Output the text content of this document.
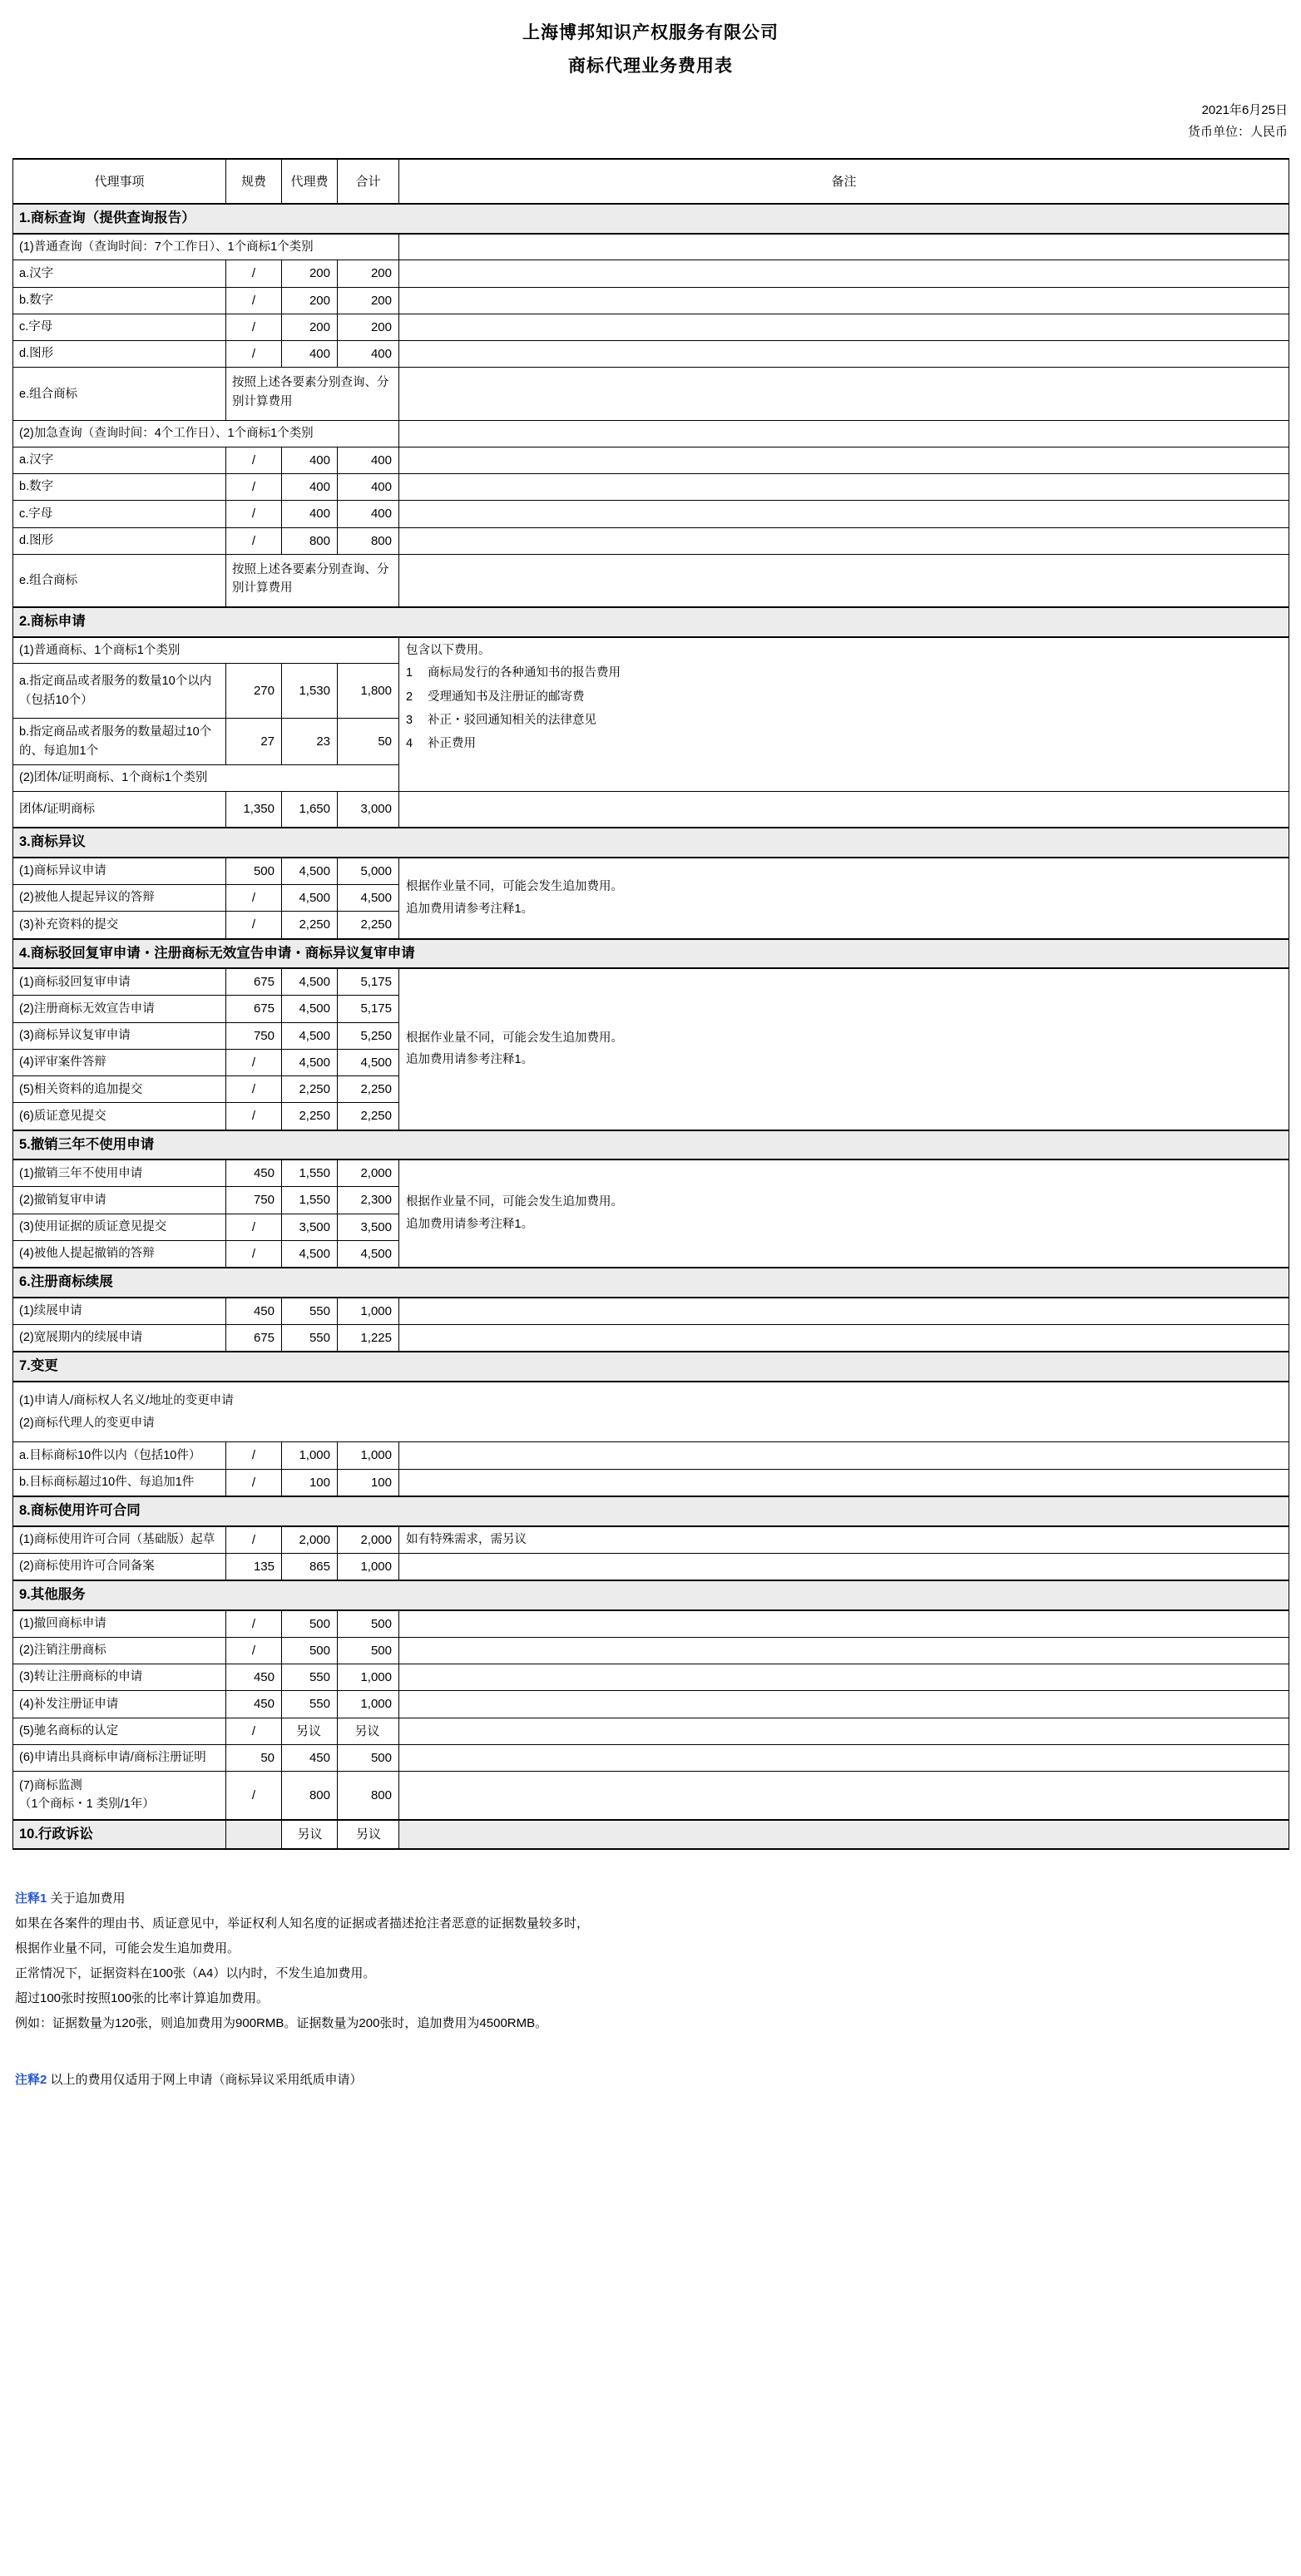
上海博邦知识产权服务有限公司
商标代理业务费用表
2021年6月25日
货币单位：人民币
代理事项	规费	代理费	合计	备注
1.商标查询（提供查询报告）				
(1)普通查询（查询时间：7个工作日）、1个商标1个类别				
a.汉字	/	200	200	
b.数字	/	200	200	
c.字母	/	200	200	
d.图形	/	400	400	
e.组合商标	按照上述各要素分别查询、分别计算费用			
(2)加急查询（查询时间：4个工作日）、1个商标1个类别				
a.汉字	/	400	400	
b.数字	/	400	400	
c.字母	/	400	400	
d.图形	/	800	800	
e.组合商标	按照上述各要素分别查询、分别计算费用			
2.商标申请				
(1)普通商标、1个商标1个类别	包含以下费用。
1 商标局发行的各种通知书的报告费用
2 受理通知书及注册证的邮寄费
3 补正・驳回通知相关的法律意见
4 补正费用

a.指定商品或者服务的数量10个以内（包括10个）	270	1,530	1,800	
b.指定商品或者服务的数量超过10个的、每追加1个	27	23	50	
(2)团体/证明商标、1个商标1个类别				
团体/证明商标	1,350	1,650	3,000	
3.商标异议				
(1)商标异议申请	500	4,500	5,000	根据作业量不同，可能会发生追加费用。
追加费用请参考注释1。

(2)被他人提起异议的答辩	/	4,500	4,500	
(3)补充资料的提交	/	2,250	2,250	
4.商标驳回复审申请・注册商标无效宣告申请・商标异议复审申请				
(1)商标驳回复审申请	675	4,500	5,175	根据作业量不同，可能会发生追加费用。
追加费用请参考注释1。

(2)注册商标无效宣告申请	675	4,500	5,175	
(3)商标异议复审申请	750	4,500	5,250	
(4)评审案件答辩	/	4,500	4,500	
(5)相关资料的追加提交	/	2,250	2,250	
(6)质证意见提交	/	2,250	2,250	
5.撤销三年不使用申请				
(1)撤销三年不使用申请	450	1,550	2,000	根据作业量不同，可能会发生追加费用。
追加费用请参考注释1。

(2)撤销复审申请	750	1,550	2,300	
(3)使用证据的质证意见提交	/	3,500	3,500	
(4)被他人提起撤销的答辩	/	4,500	4,500	
6.注册商标续展				
(1)续展申请	450	550	1,000	
(2)宽展期内的续展申请	675	550	1,225	
7.变更				

(1)申请人/商标权人名义/地址的变更申请
(2)商标代理人的变更申请				

a.目标商标10件以内（包括10件）	/	1,000	1,000	
b.目标商标超过10件、每追加1件	/	100	100	
8.商标使用许可合同				
(1)商标使用许可合同（基础版）起草	/	2,000	2,000	如有特殊需求，需另议
(2)商标使用许可合同备案	135	865	1,000	
9.其他服务				
(1)撤回商标申请	/	500	500	
(2)注销注册商标	/	500	500	
(3)转让注册商标的申请	450	550	1,000	
(4)补发注册证申请	450	550	1,000	
(5)驰名商标的认定	/	另议	另议	
(6)申请出具商标申请/商标注册证明	50	450	500	

(7)商标监测
（1个商标・1 类别/1年）	/	800	800	
10.行政诉讼		另议	另议	
注释1 关于追加费用
如果在各案件的理由书、质证意见中，举证权利人知名度的证据或者描述抢注者恶意的证据数量较多时，
根据作业量不同，可能会发生追加费用。
正常情况下，证据资料在100张（A4）以内时，不发生追加费用。
超过100张时按照100张的比率计算追加费用。
例如：证据数量为120张，则追加费用为900RMB。证据数量为200张时，追加费用为4500RMB。
注释2 以上的费用仅适用于网上申请（商标异议采用纸质申请）
